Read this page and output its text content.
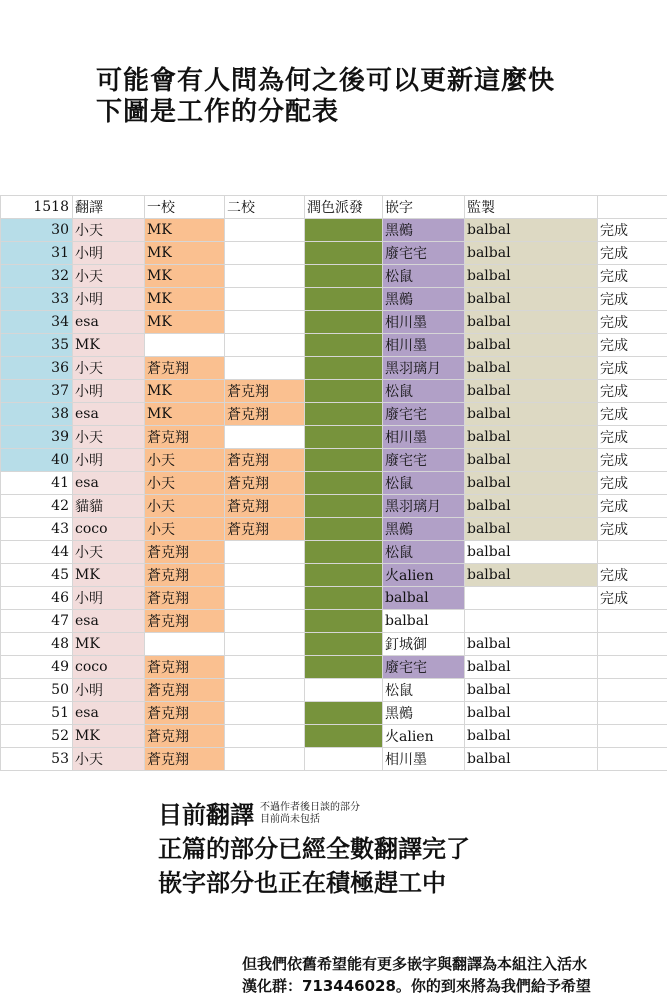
可能會有人問為何之後可以更新這麼快
下圖是工作的分配表
1518	翻譯	一校	二校	潤色派發	嵌字	監製	
30	小天	MK			黑鵺	balbal	完成
31	小明	MK			廢宅宅	balbal	完成
32	小天	MK			松鼠	balbal	完成
33	小明	MK			黑鵺	balbal	完成
34	esa	MK			相川墨	balbal	完成
35	MK				相川墨	balbal	完成
36	小天	蒼克翔			黑羽璃月	balbal	完成
37	小明	MK	蒼克翔		松鼠	balbal	完成
38	esa	MK	蒼克翔		廢宅宅	balbal	完成
39	小天	蒼克翔			相川墨	balbal	完成
40	小明	小天	蒼克翔		廢宅宅	balbal	完成
41	esa	小天	蒼克翔		松鼠	balbal	完成
42	貓貓	小天	蒼克翔		黑羽璃月	balbal	完成
43	coco	小天	蒼克翔		黑鵺	balbal	完成
44	小天	蒼克翔			松鼠	balbal	
45	MK	蒼克翔			火alien	balbal	完成
46	小明	蒼克翔			balbal		完成
47	esa	蒼克翔			balbal		
48	MK				釘城御	balbal	
49	coco	蒼克翔			廢宅宅	balbal	
50	小明	蒼克翔			松鼠	balbal	
51	esa	蒼克翔			黑鵺	balbal	
52	MK	蒼克翔			火alien	balbal	
53	小天	蒼克翔			相川墨	balbal	
目前翻譯 不過作者後日談的部分
目前尚未包括
正篇的部分已經全數翻譯完了
嵌字部分也正在積極趕工中
但我們依舊希望能有更多嵌字與翻譯為本組注入活水
漢化群：713446028。你的到來將為我們給予希望
